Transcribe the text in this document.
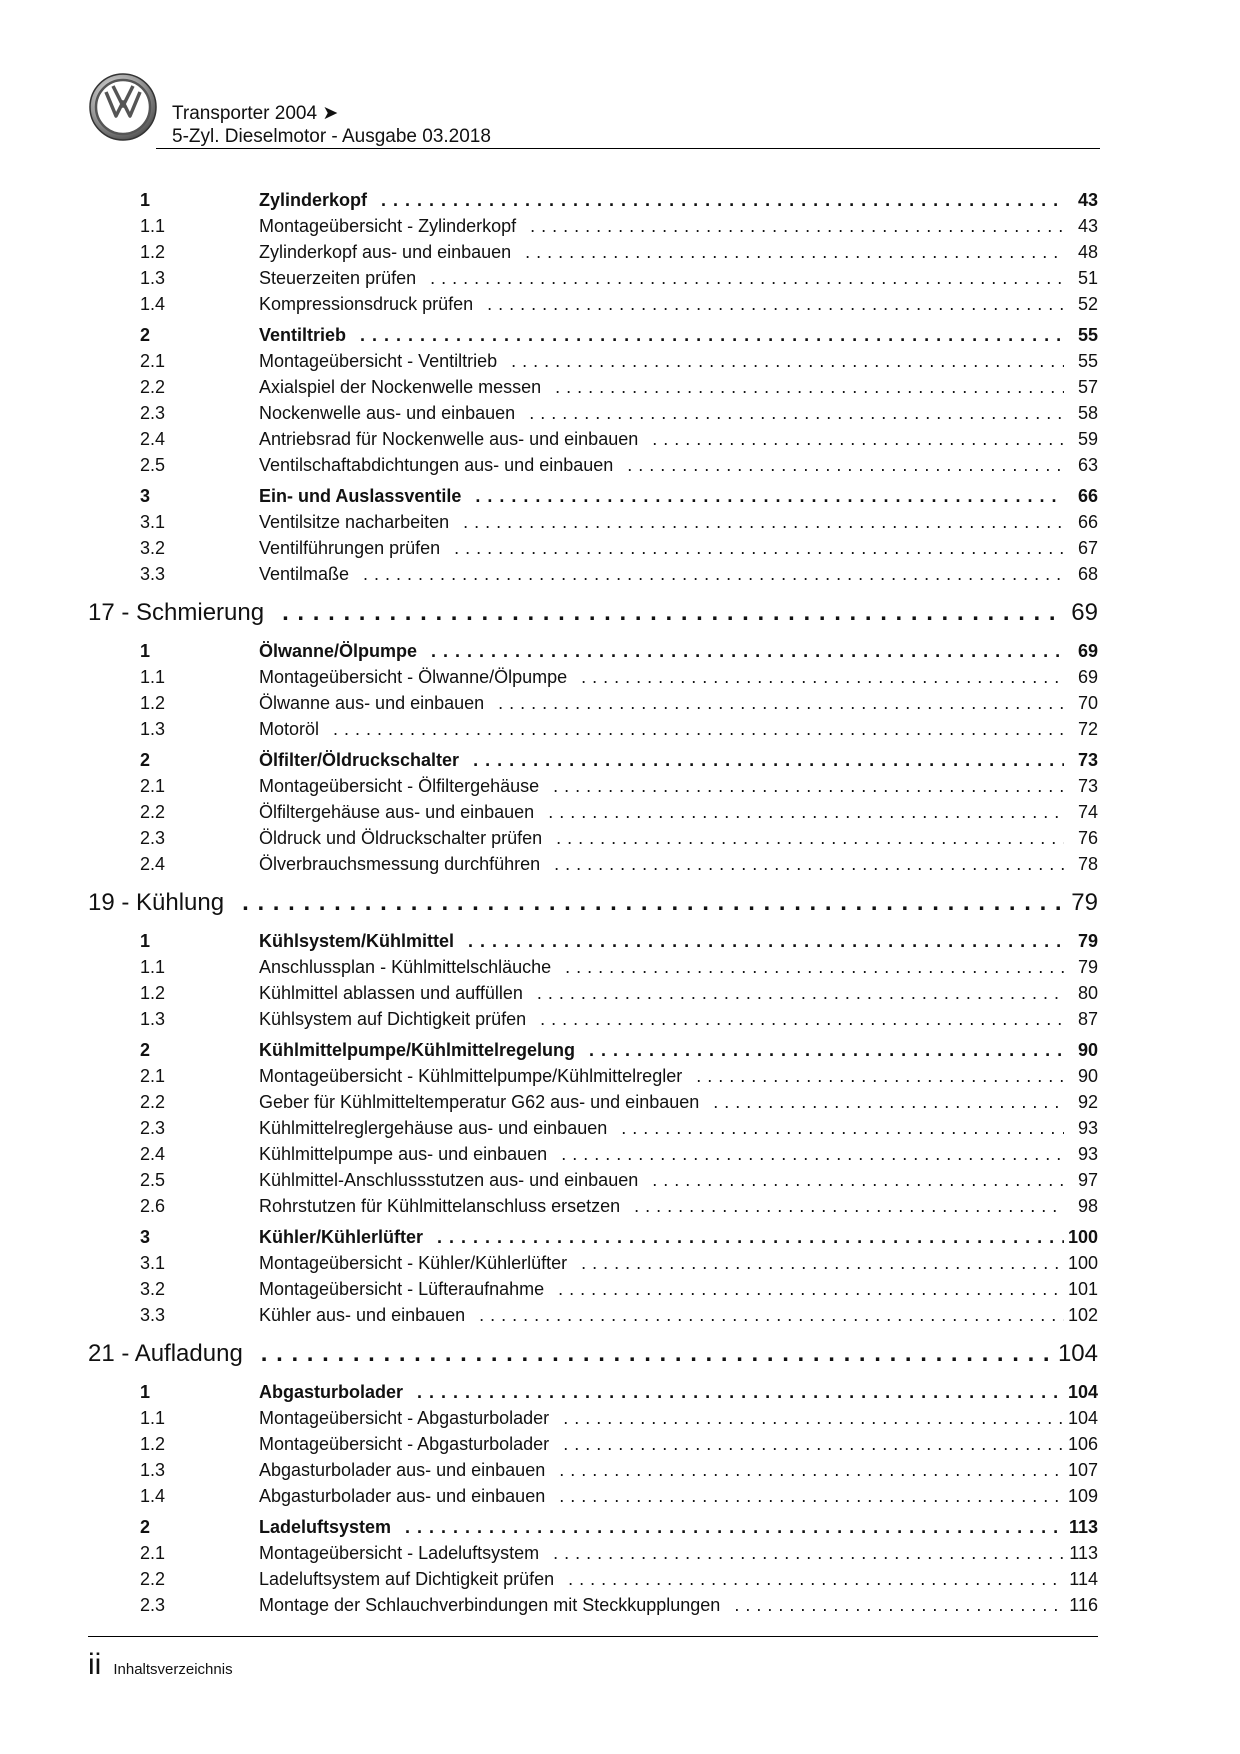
Transporter 2004 ➤
5-Zyl. Dieselmotor - Ausgabe 03.2018
1	Zylinderkopf . . .	43
1.1	Montageübersicht - Zylinderkopf . . .	43
1.2	Zylinderkopf aus- und einbauen . . .	48
1.3	Steuerzeiten prüfen . . .	51
1.4	Kompressionsdruck prüfen . . .	52
2	Ventiltrieb . . .	55
2.1	Montageübersicht - Ventiltrieb . . .	55
2.2	Axialspiel der Nockenwelle messen . . .	57
2.3	Nockenwelle aus- und einbauen . . .	58
2.4	Antriebsrad für Nockenwelle aus- und einbauen . . .	59
2.5	Ventilschaftabdichtungen aus- und einbauen . . .	63
3	Ein- und Auslassventile . . .	66
3.1	Ventilsitze nacharbeiten . . .	66
3.2	Ventilführungen prüfen . . .	67
3.3	Ventilmaße . . .	68
17 - Schmierung . . .	69
1	Ölwanne/Ölpumpe . . .	69
1.1	Montageübersicht - Ölwanne/Ölpumpe . . .	69
1.2	Ölwanne aus- und einbauen . . .	70
1.3	Motoröl . . .	72
2	Ölfilter/Öldruckschalter . . .	73
2.1	Montageübersicht - Ölfiltergehäuse . . .	73
2.2	Ölfiltergehäuse aus- und einbauen . . .	74
2.3	Öldruck und Öldruckschalter prüfen . . .	76
2.4	Ölverbrauchsmessung durchführen . . .	78
19 - Kühlung . . .	79
1	Kühlsystem/Kühlmittel . . .	79
1.1	Anschlussplan - Kühlmittelschläuche . . .	79
1.2	Kühlmittel ablassen und auffüllen . . .	80
1.3	Kühlsystem auf Dichtigkeit prüfen . . .	87
2	Kühlmittelpumpe/Kühlmittelregelung . . .	90
2.1	Montageübersicht - Kühlmittelpumpe/Kühlmittelregler . . .	90
2.2	Geber für Kühlmitteltemperatur G62 aus- und einbauen . . .	92
2.3	Kühlmittelreglergehäuse aus- und einbauen . . .	93
2.4	Kühlmittelpumpe aus- und einbauen . . .	93
2.5	Kühlmittel-Anschlussstutzen aus- und einbauen . . .	97
2.6	Rohrstutzen für Kühlmittelanschluss ersetzen . . .	98
3	Kühler/Kühlerlüfter . . .	100
3.1	Montageübersicht - Kühler/Kühlerlüfter . . .	100
3.2	Montageübersicht - Lüfteraufnahme . . .	101
3.3	Kühler aus- und einbauen . . .	102
21 - Aufladung . . .	104
1	Abgasturbolader . . .	104
1.1	Montageübersicht - Abgasturbolader . . .	104
1.2	Montageübersicht - Abgasturbolader . . .	106
1.3	Abgasturbolader aus- und einbauen . . .	107
1.4	Abgasturbolader aus- und einbauen . . .	109
2	Ladeluftsystem . . .	113
2.1	Montageübersicht - Ladeluftsystem . . .	113
2.2	Ladeluftsystem auf Dichtigkeit prüfen . . .	114
2.3	Montage der Schlauchverbindungen mit Steckkupplungen . . .	116
ii Inhaltsverzeichnis
